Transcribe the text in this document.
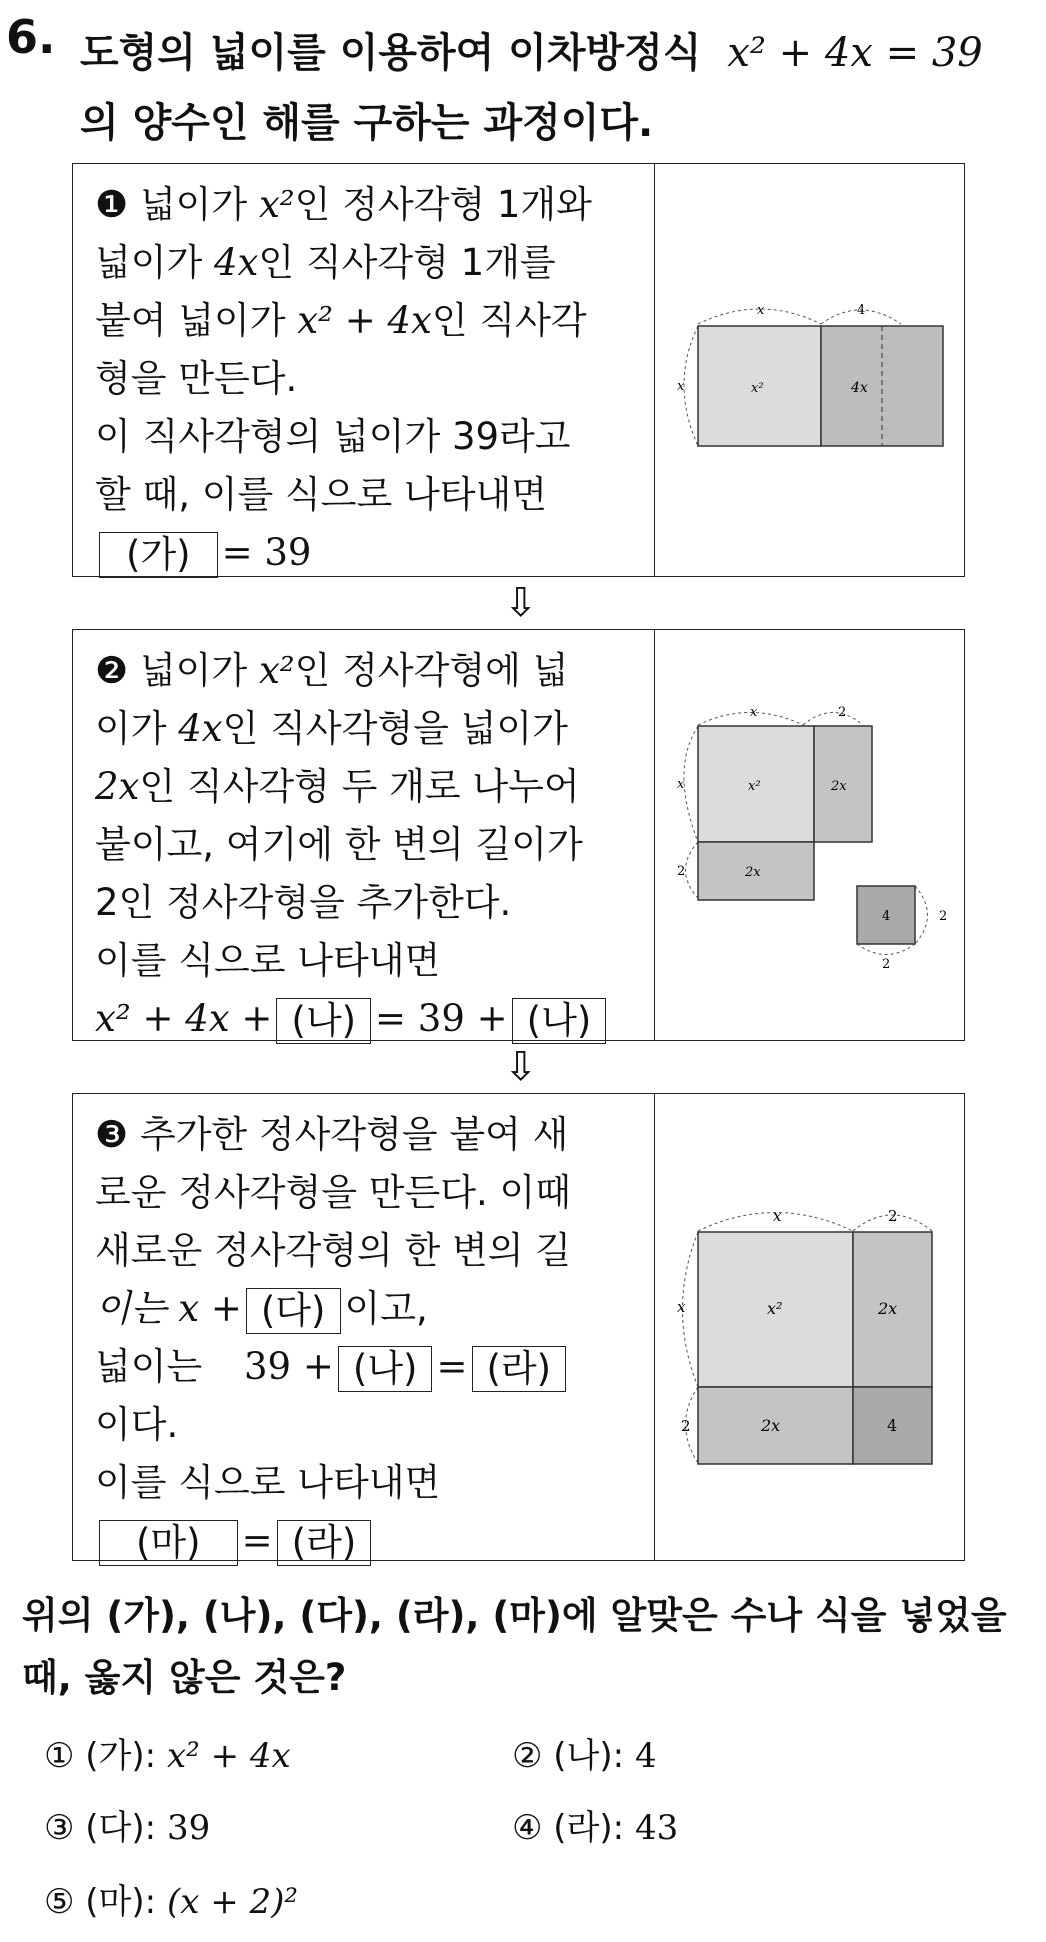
6. 도형의 넓이를 이용하여 이차방정식 x² + 4x = 39
의 양수인 해를 구하는 과정이다.
❶ 넓이가 x²인 정사각형 1개와
넓이가 4x인 직사각형 1개를
붙여 넓이가 x² + 4x인 직사각
형을 만든다.
이 직사각형의 넓이가 39라고
할 때, 이를 식으로 나타내면
(가) = 39
x	4
x	x²	4x
⇩
❷ 넓이가 x²인 정사각형에 넓
이가 4x인 직사각형을 넓이가
2x인 직사각형 두 개로 나누어
붙이고, 여기에 한 변의 길이가
2인 정사각형을 추가한다.
이를 식으로 나타내면
x² + 4x + (나) = 39 + (나)
x	2
x
2
x²	2x
2x
4	2
2
⇩
❸ 추가한 정사각형을 붙여 새
로운 정사각형을 만든다. 이때
새로운 정사각형의 한 변의 길
이는 x + (다) 이고,
넓이는 39 + (나) = (라)
이다.
이를 식으로 나타내면
(마) = (라)
x	2
x
2
x²	2x
2x	4
위의 (가), (나), (다), (라), (마)에 알맞은 수나 식을 넣었을 때, 옳지 않은 것은?
① (가): x² + 4x	② (나): 4
③ (다): 39	④ (라): 43
⑤ (마): (x + 2)²
